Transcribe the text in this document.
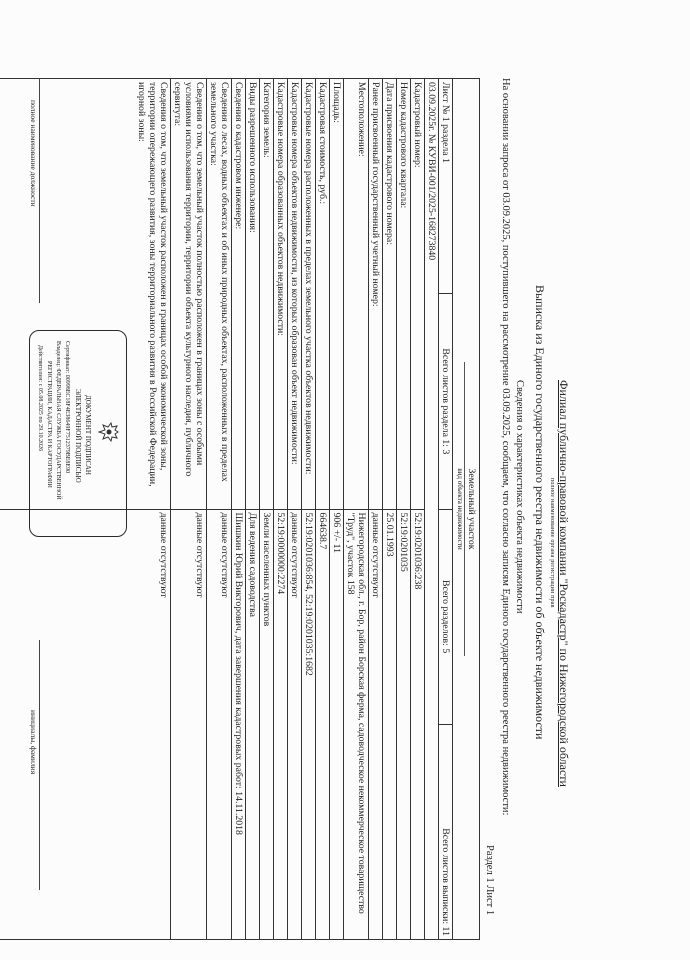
Филиал публично-правовой компании "Роскадастр" по Нижегородской области
полное наименование органа регистрации прав
Выписка из Единого государственного реестра недвижимости об объекте недвижимости
Сведения о характеристиках объекта недвижимости
На основании запроса от 03.09.2025, поступившего на рассмотрение 03.09.2025, сообщаем, что согласно записям Единого государственного реестра недвижимости:
Раздел 1 Лист 1
Земельный участок
вид объекта недвижимости	

Лист № 1 раздела 1
Всего листов раздела 1: 3
Всего разделов: 5
Всего листов выписки: 11	

03.09.2025г. № КУВИ-001/2025-168273840	
Кадастровый номер:	52:19:0201036:238
Номер кадастрового квартала:	52:19:0201035
Дата присвоения кадастрового номера:	25.01.1993
Ранее присвоенный государственный учетный номер:	данные отсутствуют
Местоположение:	Нижегородская обл., г. Бор, район Борская ферма, садоводческое некоммерческое товарищество "Труд", участок 158
Площадь:	906 +/- 11
Кадастровая стоимость, руб.:	664638.7
Кадастровые номера расположенных в пределах земельного участка объектов недвижимости:	52:19:0201036:854, 52:19:0201035:1682
Кадастровые номера объектов недвижимости, из которых образован объект недвижимости:	данные отсутствуют
Кадастровые номера образованных объектов недвижимости:	52:19:0000000:2274
Категория земель:	Земли населенных пунктов
Виды разрешенного использования:	Для ведения садоводства
Сведения о кадастровом инженере:	Шишкин Юрий Викторович, дата завершения кадастровых работ: 14.11.2018
Сведения о лесах, водных объектах и об иных природных объектах, расположенных в пределах земельного участка:	данные отсутствуют
Сведения о том, что земельный участок полностью расположен в границах зоны с особыми условиями использования территории, территории объекта культурного наследия, публичного сервитута:	данные отсутствуют
Сведения о том, что земельный участок расположен в границах особой экономической зоны, территории опережающего развития, зоны территориального развития в Российской Федерации, игорной зоны:	данные отсутствуют
полное наименование должности
инициалы, фамилия
ДОКУМЕНТ ПОДПИСАН
ЭЛЕКТРОННОЙ ПОДПИСЬЮ
Сертификат: 00998EC18F4E38649F7512379BE8E90
Владелец: ФЕДЕРАЛЬНАЯ СЛУЖБА ГОСУДАРСТВЕННОЙ
РЕГИСТРАЦИИ, КАДАСТРА И КАРТОГРАФИИ
Действителен: с 05.08.2025 по 29.10.2026
